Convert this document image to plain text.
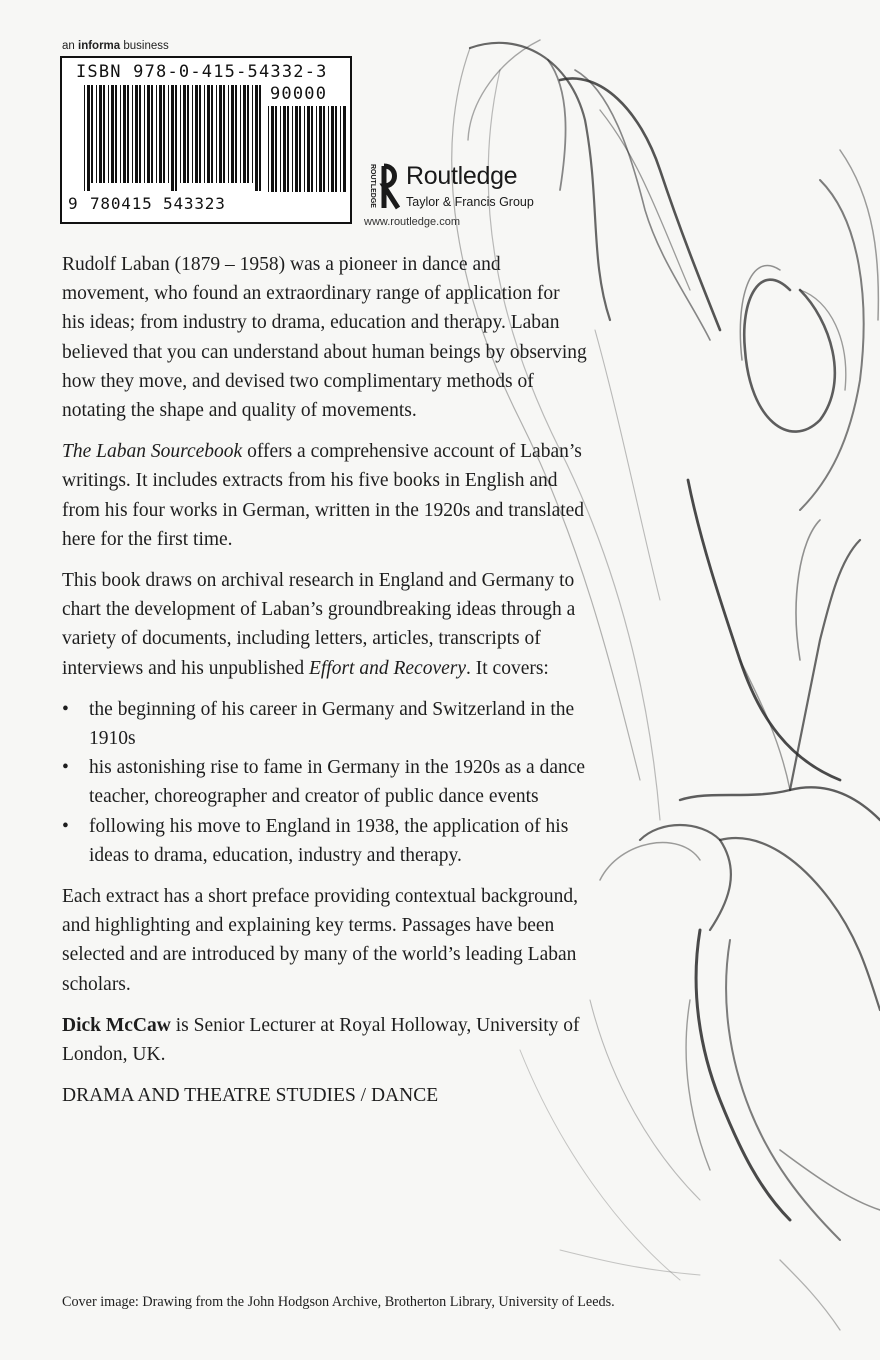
an informa business
ISBN 978-0-415-54332-3
90000
9 780415 543323	ROUTLEDGE Routledge
Taylor & Francis Group
www.routledge.com

Rudolf Laban (1879 – 1958) was a pioneer in dance and movement, who found an extraordinary range of application for his ideas; from industry to drama, education and therapy. Laban believed that you can understand about human beings by observing how they move, and devised two complimentary methods of notating the shape and quality of movements.

The Laban Sourcebook offers a comprehensive account of Laban’s writings. It includes extracts from his five books in English and from his four works in German, written in the 1920s and translated here for the first time.

This book draws on archival research in England and Germany to chart the development of Laban’s groundbreaking ideas through a variety of documents, including letters, articles, transcripts of interviews and his unpublished Effort and Recovery. It covers:

• the beginning of his career in Germany and Switzerland in the 1910s
• his astonishing rise to fame in Germany in the 1920s as a dance teacher, choreographer and creator of public dance events
• following his move to England in 1938, the application of his ideas to drama, education, industry and therapy.

Each extract has a short preface providing contextual background, and highlighting and explaining key terms. Passages have been selected and are introduced by many of the world’s leading Laban scholars.

Dick McCaw is Senior Lecturer at Royal Holloway, University of London, UK.

DRAMA AND THEATRE STUDIES / DANCE
Cover image: Drawing from the John Hodgson Archive, Brotherton Library, University of Leeds.
